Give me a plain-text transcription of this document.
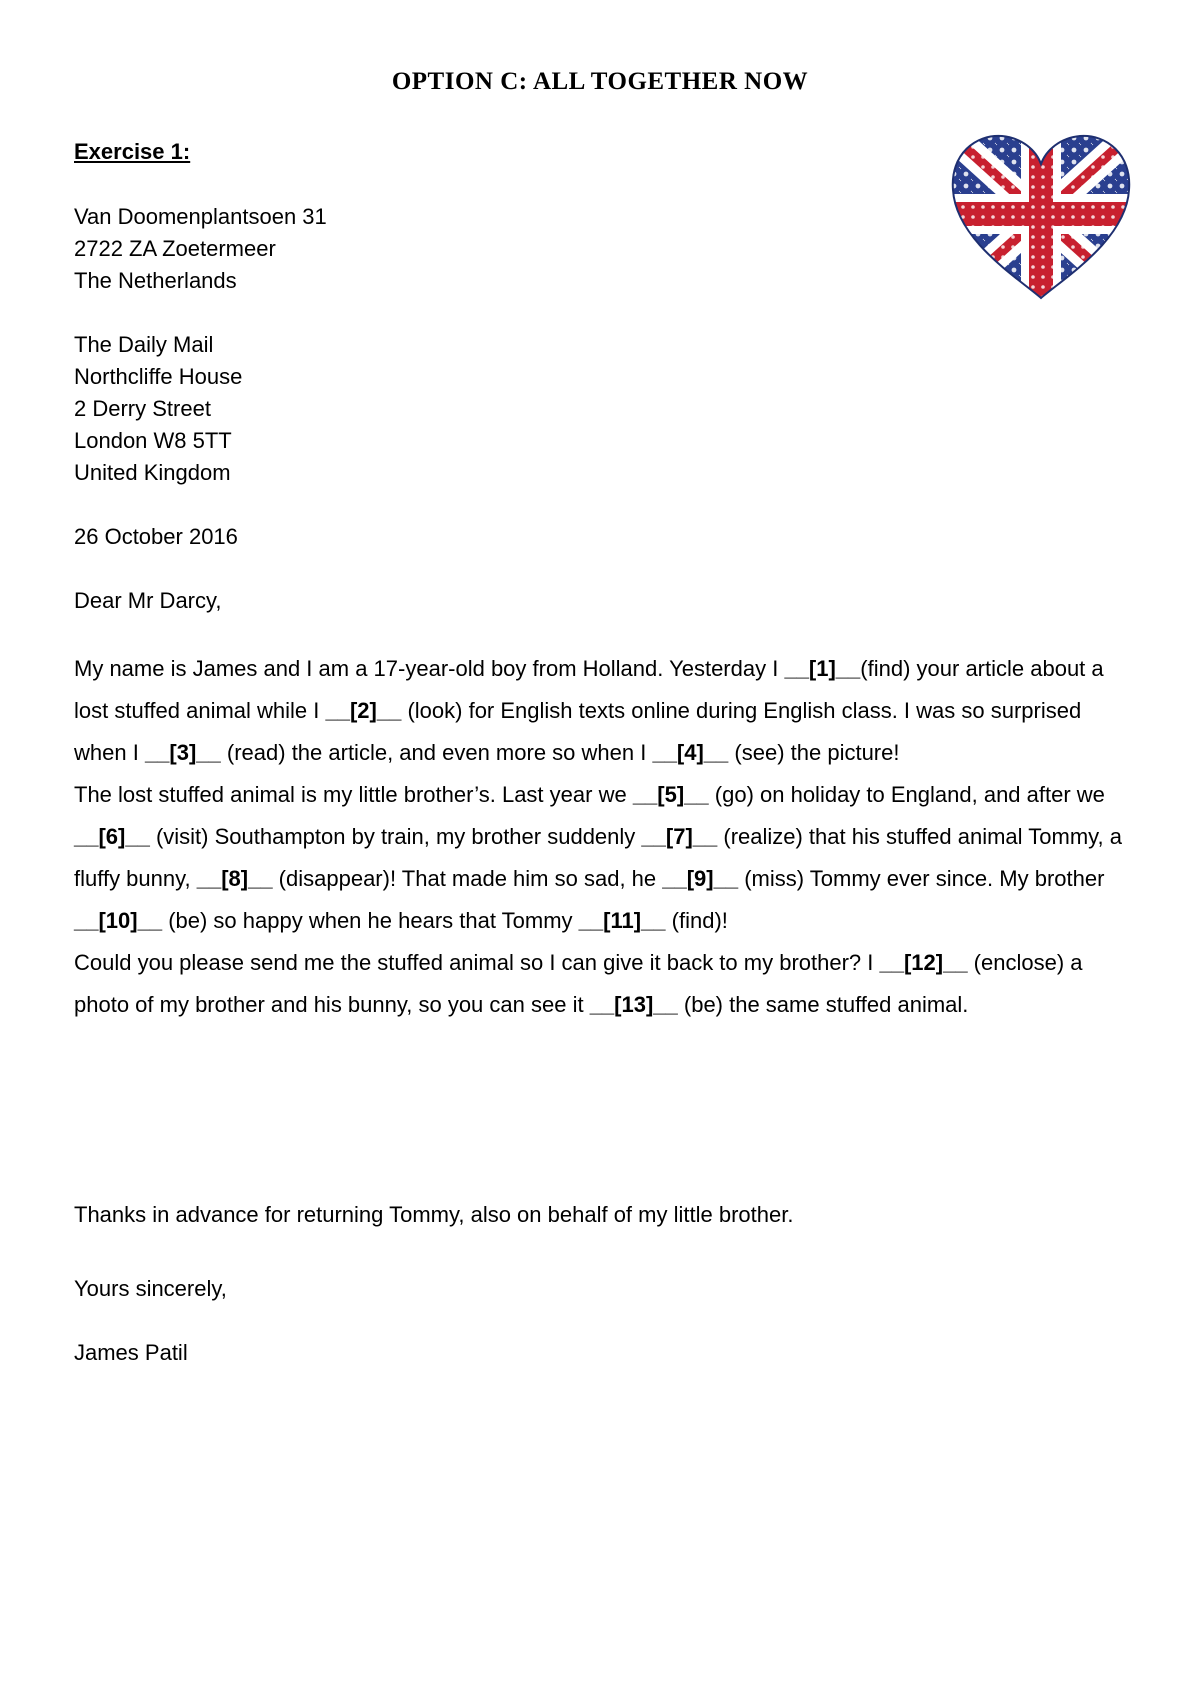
OPTION C: ALL TOGETHER NOW
Exercise 1:
Van Doomenplantsoen 31
2722 ZA Zoetermeer
The Netherlands
The Daily Mail
Northcliffe House
2 Derry Street
London W8 5TT
United Kingdom
26 October 2016
Dear Mr Darcy,

My name is James and I am a 17-year-old boy from Holland. Yesterday I __[1]__(find) your article about a lost stuffed animal while I __[2]__ (look) for English texts online during English class. I was so surprised when I __[3]__ (read) the article, and even more so when I __[4]__ (see) the picture!

The lost stuffed animal is my little brother’s. Last year we __[5]__ (go) on holiday to England, and after we __[6]__ (visit) Southampton by train, my brother suddenly __[7]__ (realize) that his stuffed animal Tommy, a fluffy bunny, __[8]__ (disappear)! That made him so sad, he __[9]__ (miss) Tommy ever since. My brother __[10]__ (be) so happy when he hears that Tommy __[11]__ (find)!

Could you please send me the stuffed animal so I can give it back to my brother? I __[12]__ (enclose) a photo of my brother and his bunny, so you can see it __[13]__ (be) the same stuffed animal.

Thanks in advance for returning Tommy, also on behalf of my little brother.
Yours sincerely,
James Patil
